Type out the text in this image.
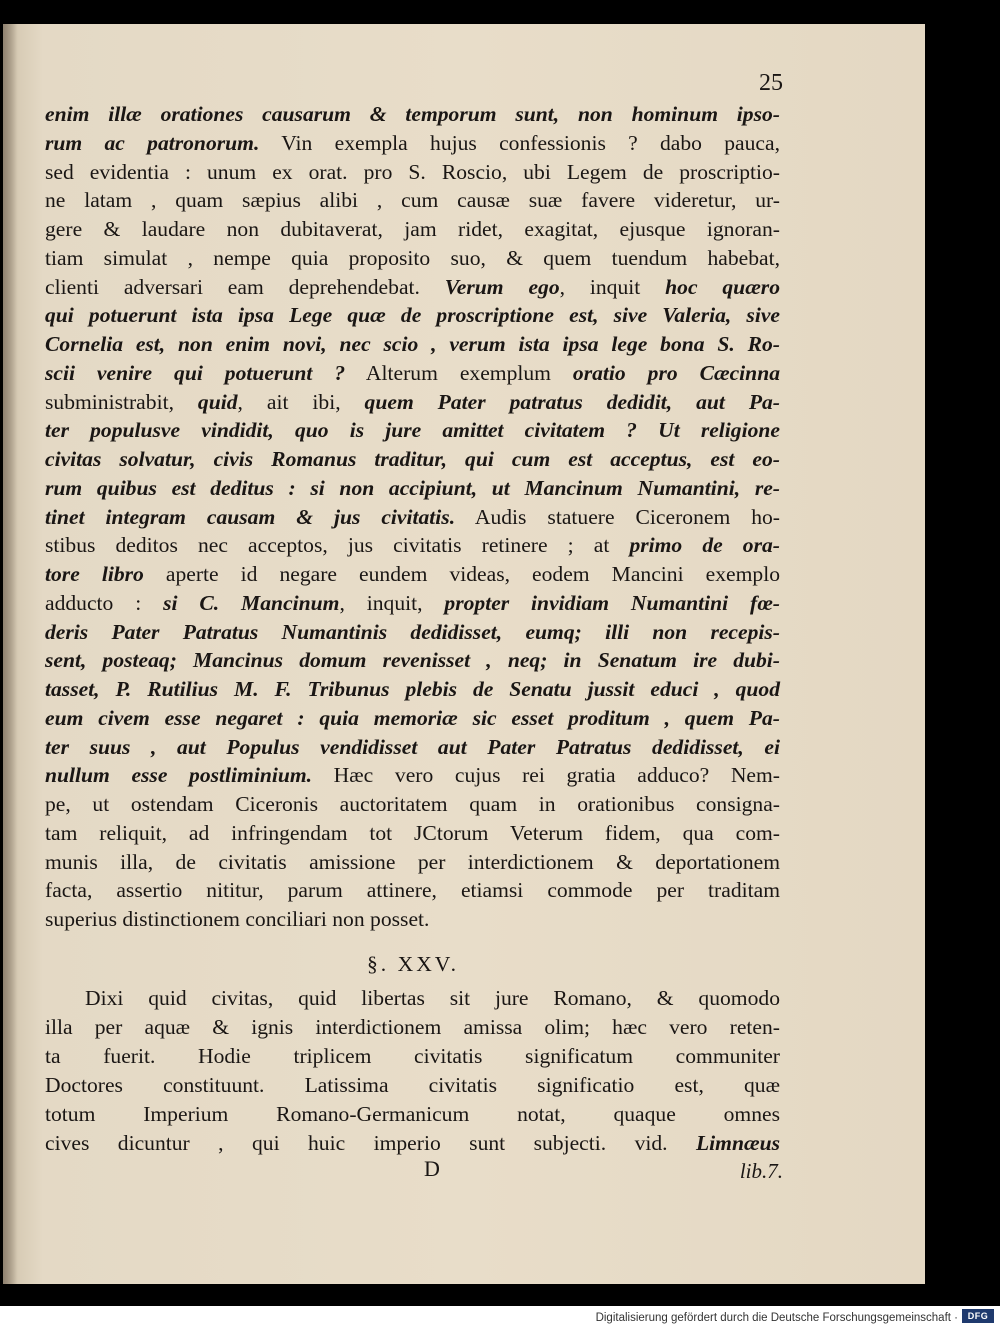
25

enim illæ orationes causarum & temporum sunt, non hominum ipso-

rum ac patronorum. Vin exempla hujus confessionis ? dabo pauca,

sed evidentia : unum ex orat. pro S. Roscio, ubi Legem de proscriptio-

ne latam , quam sæpius alibi , cum causæ suæ favere videretur, ur-

gere & laudare non dubitaverat, jam ridet, exagitat, ejusque ignoran-

tiam simulat , nempe quia proposito suo, & quem tuendum habebat,

clienti adversari eam deprehendebat. Verum ego, inquit hoc quæro

qui potuerunt ista ipsa Lege quæ de proscriptione est, sive Valeria, sive

Cornelia est, non enim novi, nec scio , verum ista ipsa lege bona S. Ro-

scii venire qui potuerunt ? Alterum exemplum oratio pro Cæcinna

subministrabit, quid, ait ibi, quem Pater patratus dedidit, aut Pa-

ter populusve vindidit, quo is jure amittet civitatem ? Ut religione

civitas solvatur, civis Romanus traditur, qui cum est acceptus, est eo-

rum quibus est deditus : si non accipiunt, ut Mancinum Numantini, re-

tinet integram causam & jus civitatis. Audis statuere Ciceronem ho-

stibus deditos nec acceptos, jus civitatis retinere ; at primo de ora-

tore libro aperte id negare eundem videas, eodem Mancini exemplo

adducto : si C. Mancinum, inquit, propter invidiam Numantini fœ-

deris Pater Patratus Numantinis dedidisset, eumq; illi non recepis-

sent, posteaq; Mancinus domum revenisset , neq; in Senatum ire dubi-

tasset, P. Rutilius M. F. Tribunus plebis de Senatu jussit educi , quod

eum civem esse negaret : quia memoriæ sic esset proditum , quem Pa-

ter suus , aut Populus vendidisset aut Pater Patratus dedidisset, ei

nullum esse postliminium. Hæc vero cujus rei gratia adduco? Nem-

pe, ut ostendam Ciceronis auctoritatem quam in orationibus consigna-

tam reliquit, ad infringendam tot JCtorum Veterum fidem, qua com-

munis illa, de civitatis amissione per interdictionem & deportationem

facta, assertio nititur, parum attinere, etiamsi commode per traditam

superius distinctionem conciliari non posset.

§. XXV.

Dixi quid civitas, quid libertas sit jure Romano, & quomodo

illa per aquæ & ignis interdictionem amissa olim; hæc vero reten-

ta fuerit. Hodie triplicem civitatis significatum communiter

Doctores constituunt. Latissima civitatis significatio est, quæ

totum Imperium Romano-Germanicum notat, quaque omnes

cives dicuntur , qui huic imperio sunt subjecti. vid. Limnæus

D	lib.7.
Digitalisierung gefördert durch die Deutsche Forschungsgemeinschaft ·	DFG
